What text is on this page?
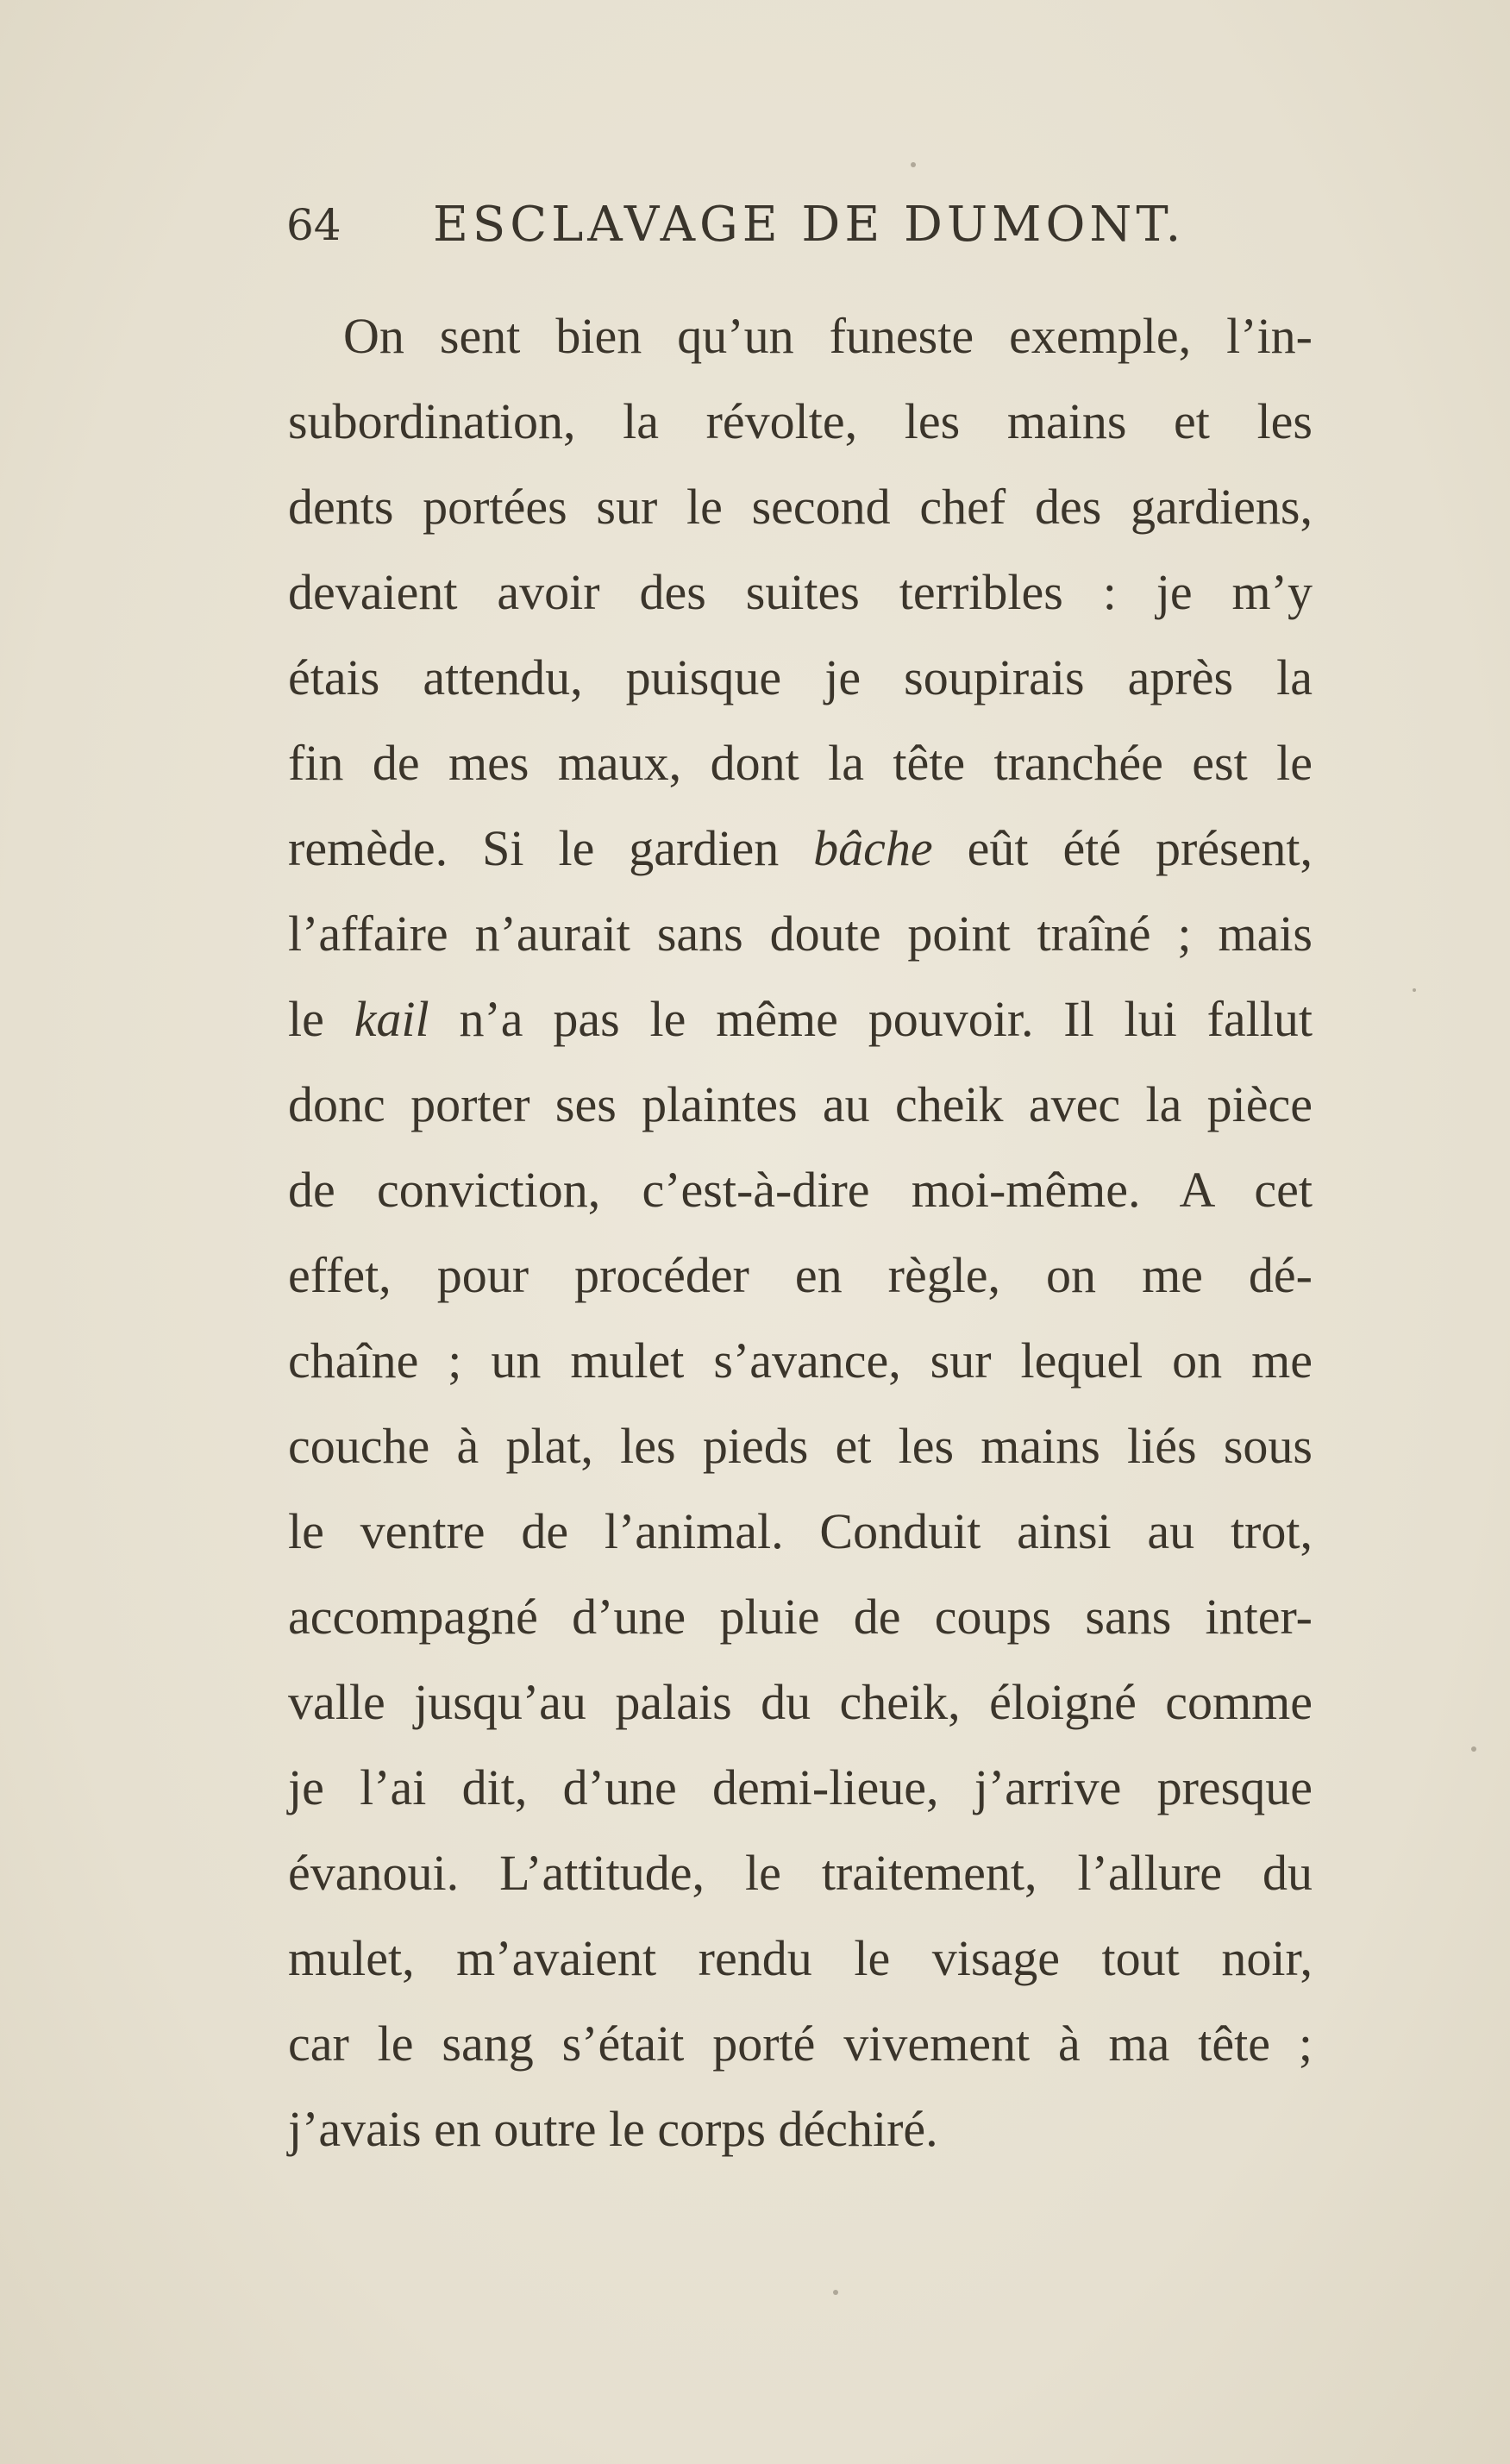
64 ESCLAVAGE DE DUMONT.
On sent bien qu’un funeste exemple, l’in-
subordination, la révolte, les mains et les
dents portées sur le second chef des gardiens,
devaient avoir des suites terribles : je m’y
étais attendu, puisque je soupirais après la
fin de mes maux, dont la tête tranchée est le
remède. Si le gardien bâche eût été présent,
l’affaire n’aurait sans doute point traîné ; mais
le kail n’a pas le même pouvoir. Il lui fallut
donc porter ses plaintes au cheik avec la pièce
de conviction, c’est-à-dire moi-même. A cet
effet, pour procéder en règle, on me dé-
chaîne ; un mulet s’avance, sur lequel on me
couche à plat, les pieds et les mains liés sous
le ventre de l’animal. Conduit ainsi au trot,
accompagné d’une pluie de coups sans inter-
valle jusqu’au palais du cheik, éloigné comme
je l’ai dit, d’une demi-lieue, j’arrive presque
évanoui. L’attitude, le traitement, l’allure du
mulet, m’avaient rendu le visage tout noir,
car le sang s’était porté vivement à ma tête ;
j’avais en outre le corps déchiré.
